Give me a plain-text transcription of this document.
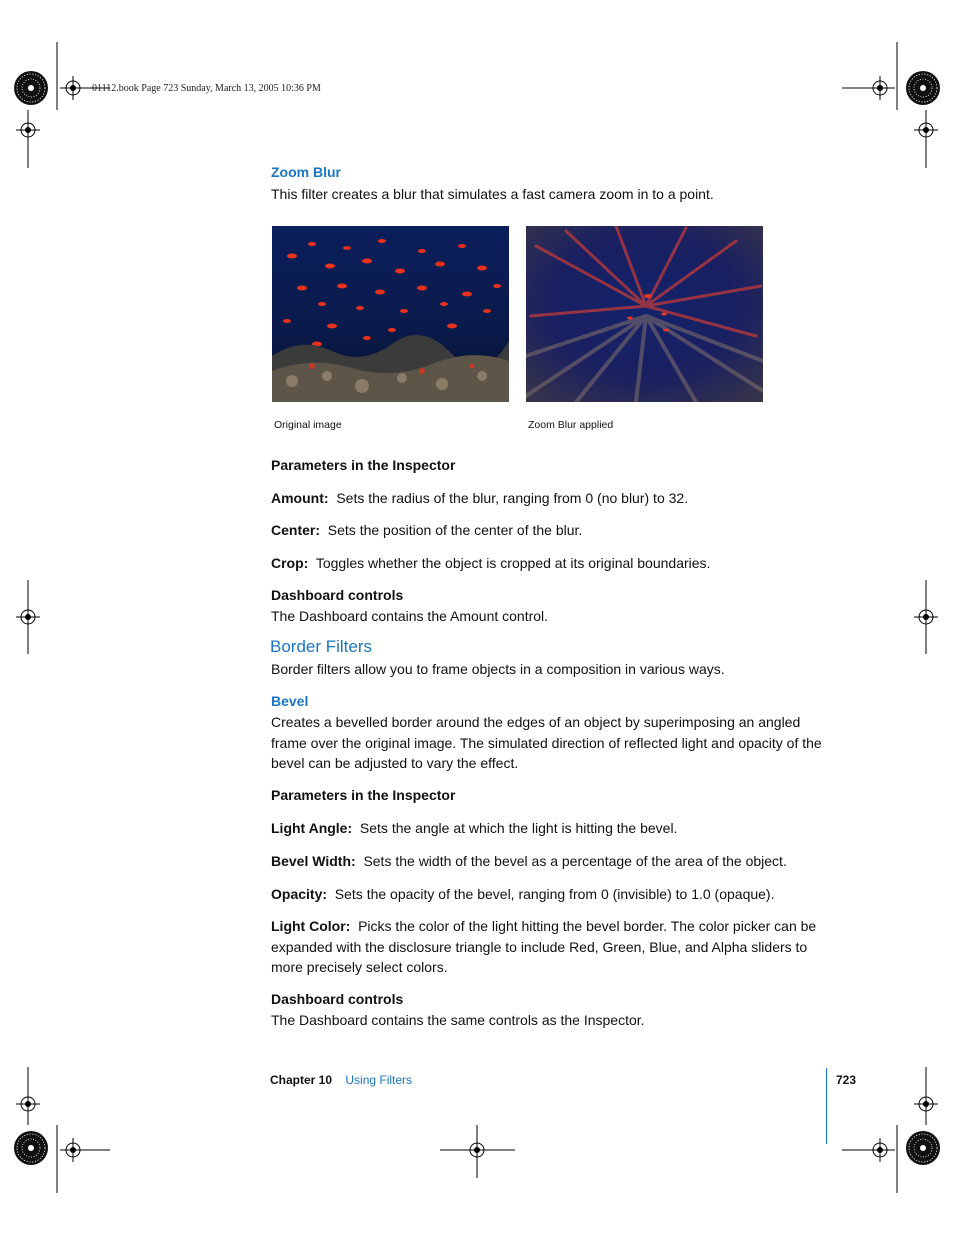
01112.book Page 723 Sunday, March 13, 2005 10:36 PM
Zoom Blur
This filter creates a blur that simulates a fast camera zoom in to a point.
Original image	Zoom Blur applied
Parameters in the Inspector
Amount: Sets the radius of the blur, ranging from 0 (no blur) to 32.
Center: Sets the position of the center of the blur.
Crop: Toggles whether the object is cropped at its original boundaries.
Dashboard controls
The Dashboard contains the Amount control.
Border Filters
Border filters allow you to frame objects in a composition in various ways.
Bevel
Creates a bevelled border around the edges of an object by superimposing an angled frame over the original image. The simulated direction of reflected light and opacity of the bevel can be adjusted to vary the effect.
Parameters in the Inspector
Light Angle: Sets the angle at which the light is hitting the bevel.
Bevel Width: Sets the width of the bevel as a percentage of the area of the object.
Opacity: Sets the opacity of the bevel, ranging from 0 (invisible) to 1.0 (opaque).
Light Color: Picks the color of the light hitting the bevel border. The color picker can be expanded with the disclosure triangle to include Red, Green, Blue, and Alpha sliders to more precisely select colors.
Dashboard controls
The Dashboard contains the same controls as the Inspector.
Chapter 10 Using Filters	723
